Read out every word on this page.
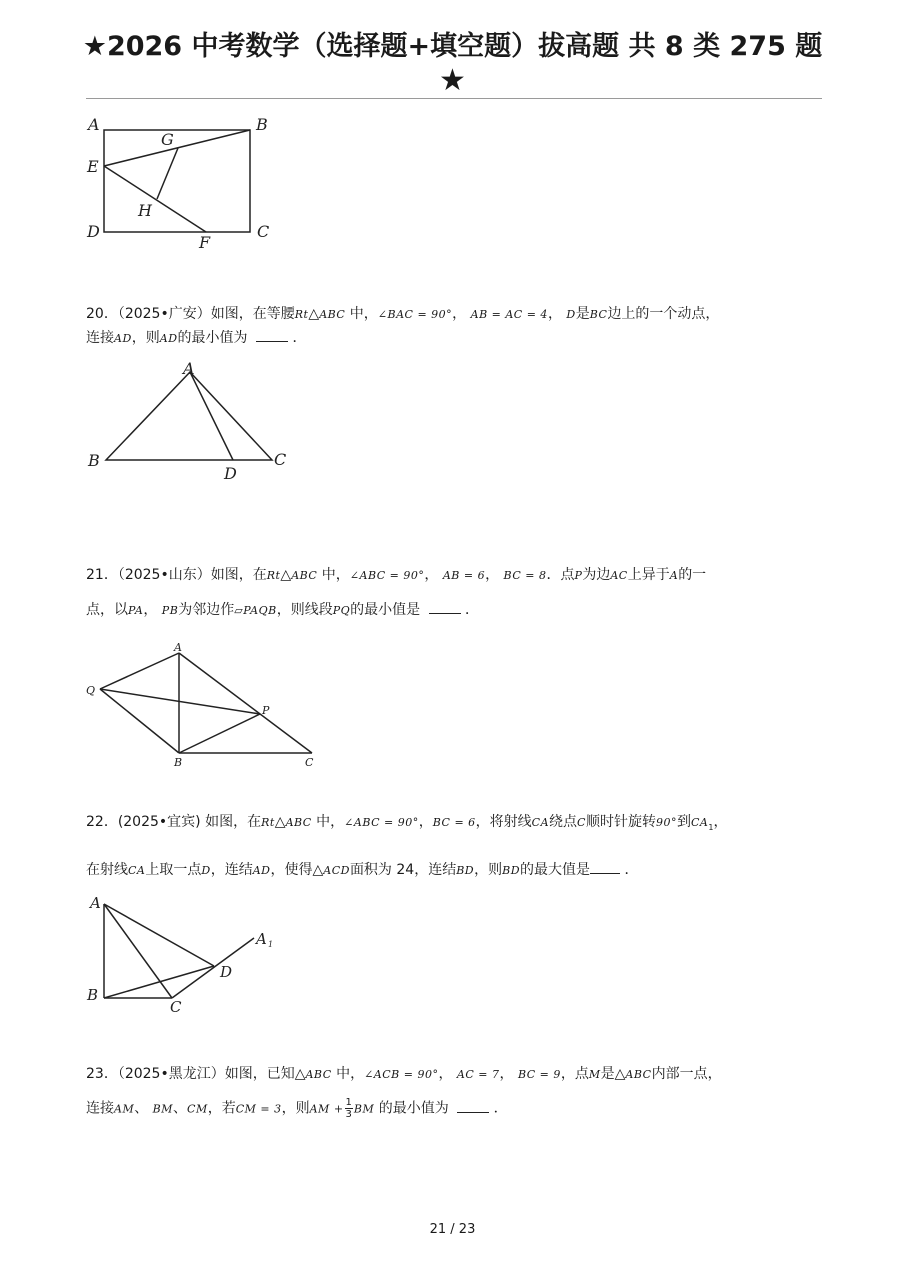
★2026 中考数学（选择题+填空题）拔高题 共 8 类 275 题
★
A	B
E
G
H
D
F
C
20．（2025•广安）如图，在等腰Rt△ABC 中，∠BAC = 90°， AB = AC = 4， D是BC边上的一个动点，
连接AD，则AD的最小值为	．
A
B	C
D
21．（2025•山东）如图，在Rt△ABC 中，∠ABC = 90°， AB = 6， BC = 8．点P为边AC上异于A的一
点，以PA， PB为邻边作▱PAQB，则线段PQ的最小值是	．
A
Q
P
B	C
22．(2025•宜宾) 如图，在Rt△ABC 中，∠ABC = 90°，BC = 6，将射线CA绕点C顺时针旋转90°到$CA_1$，
在射线CA上取一点D，连结AD，使得△ACD面积为 24，连结BD，则BD的最大值是 ．
A
A 1
D
B
C
23．（2025•黑龙江）如图，已知△ABC 中，∠ACB = 90°， AC = 7， BC = 9，点M是△ABC内部一点，
连接AM、 BM、CM，若CM = 3，则AM + $\frac{1}{3}$ BM 的最小值为	．
21 / 23
